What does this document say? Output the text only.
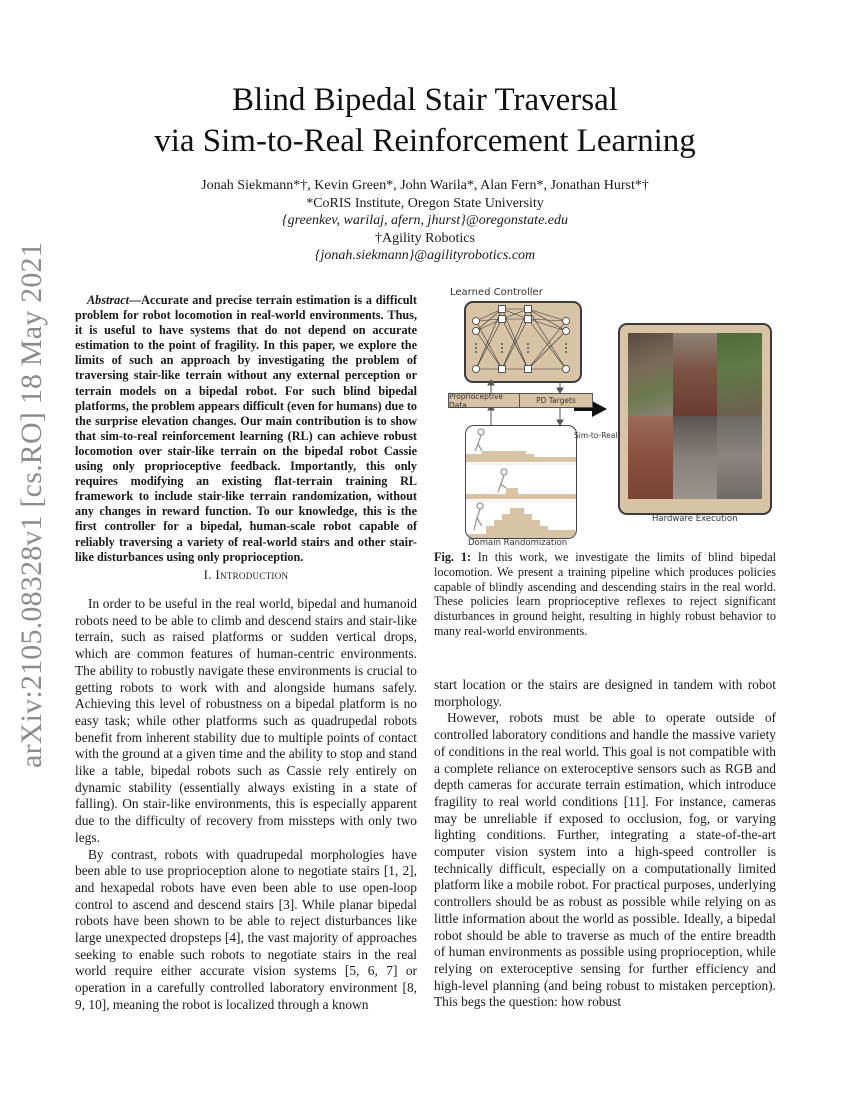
arXiv:2105.08328v1 [cs.RO] 18 May 2021
Blind Bipedal Stair Traversal
via Sim-to-Real Reinforcement Learning
Jonah Siekmann*†, Kevin Green*, John Warila*, Alan Fern*, Jonathan Hurst*†
*CoRIS Institute, Oregon State University
{greenkev, warilaj, afern, jhurst}@oregonstate.edu
†Agility Robotics
{jonah.siekmann}@agilityrobotics.com
Abstract—Accurate and precise terrain estimation is a difficult problem for robot locomotion in real-world environments. Thus, it is useful to have systems that do not depend on accurate estimation to the point of fragility. In this paper, we explore the limits of such an approach by investigating the problem of traversing stair-like terrain without any external perception or terrain models on a bipedal robot. For such blind bipedal platforms, the problem appears difficult (even for humans) due to the surprise elevation changes. Our main contribution is to show that sim-to-real reinforcement learning (RL) can achieve robust locomotion over stair-like terrain on the bipedal robot Cassie using only proprioceptive feedback. Importantly, this only requires modifying an existing flat-terrain training RL framework to include stair-like terrain randomization, without any changes in reward function. To our knowledge, this is the first controller for a bipedal, human-scale robot capable of reliably traversing a variety of real-world stairs and other stair-like disturbances using only proprioception.
I. Introduction

In order to be useful in the real world, bipedal and humanoid robots need to be able to climb and descend stairs and stair-like terrain, such as raised platforms or sudden vertical drops, which are common features of human-centric environments. The ability to robustly navigate these environments is crucial to getting robots to work with and alongside humans safely. Achieving this level of robustness on a bipedal platform is no easy task; while other platforms such as quadrupedal robots benefit from inherent stability due to multiple points of contact with the ground at a given time and the ability to stop and stand like a table, bipedal robots such as Cassie rely entirely on dynamic stability (essentially always existing in a state of falling). On stair-like environments, this is especially apparent due to the difficulty of recovery from missteps with only two legs.

By contrast, robots with quadrupedal morphologies have been able to use proprioception alone to negotiate stairs [1, 2], and hexapedal robots have even been able to use open-loop control to ascend and descend stairs [3]. While planar bipedal robots have been shown to be able to reject disturbances like large unexpected dropsteps [4], the vast majority of approaches seeking to enable such robots to negotiate stairs in the real world require either accurate vision systems [5, 6, 7] or operation in a carefully controlled laboratory environment [8, 9, 10], meaning the robot is localized through a known

Learned Controller
Proprioceptive Data	PD Targets
Domain Randomization
Sim-to-Real
Hardware Execution
Fig. 1: In this work, we investigate the limits of blind bipedal locomotion. We present a training pipeline which produces policies capable of blindly ascending and descending stairs in the real world. These policies learn proprioceptive reflexes to reject significant disturbances in ground height, resulting in highly robust behavior to many real-world environments.

start location or the stairs are designed in tandem with robot morphology.

However, robots must be able to operate outside of controlled laboratory conditions and handle the massive variety of conditions in the real world. This goal is not compatible with a complete reliance on exteroceptive sensors such as RGB and depth cameras for accurate terrain estimation, which introduce fragility to real world conditions [11]. For instance, cameras may be unreliable if exposed to occlusion, fog, or varying lighting conditions. Further, integrating a state-of-the-art computer vision system into a high-speed controller is technically difficult, especially on a computationally limited platform like a mobile robot. For practical purposes, underlying controllers should be as robust as possible while relying on as little information about the world as possible. Ideally, a bipedal robot should be able to traverse as much of the entire breadth of human environments as possible using proprioception, while relying on exteroceptive sensing for further efficiency and high-level planning (and being robust to mistaken perception). This begs the question: how robust
